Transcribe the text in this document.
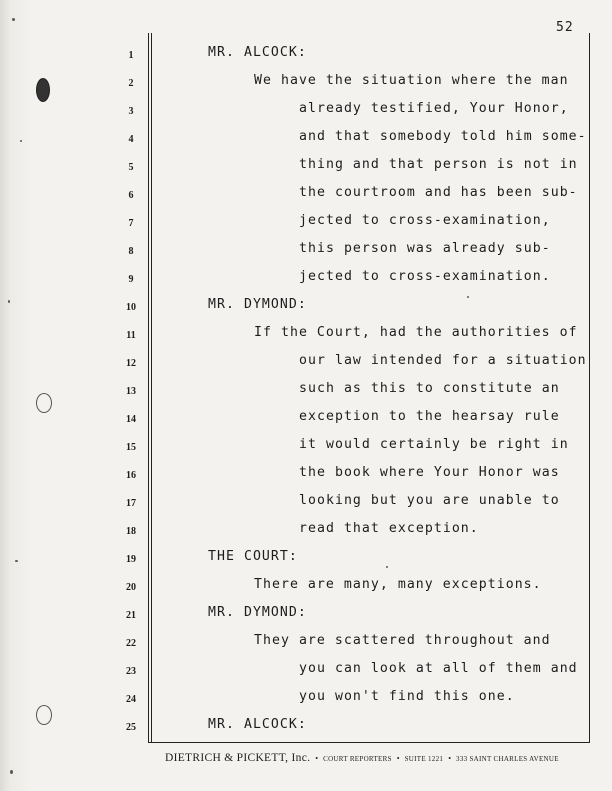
52
1	MR. ALCOCK:
2	We have the situation where the man
3	already testified, Your Honor,
4	and that somebody told him some-
5	thing and that person is not in
6	the courtroom and has been sub-
7	jected to cross-examination,
8	this person was already sub-
9	jected to cross-examination.
10	MR. DYMOND:
11	If the Court, had the authorities of
12	our law intended for a situation
13	such as this to constitute an
14	exception to the hearsay rule
15	it would certainly be right in
16	the book where Your Honor was
17	looking but you are unable to
18	read that exception.
19	THE COURT:
20	There are many, many exceptions.
21	MR. DYMOND:
22	They are scattered throughout and
23	you can look at all of them and
24	you won't find this one.
25	MR. ALCOCK:
DIETRICH & PICKETT, Inc. • COURT REPORTERS • SUITE 1221 • 333 SAINT CHARLES AVENUE
